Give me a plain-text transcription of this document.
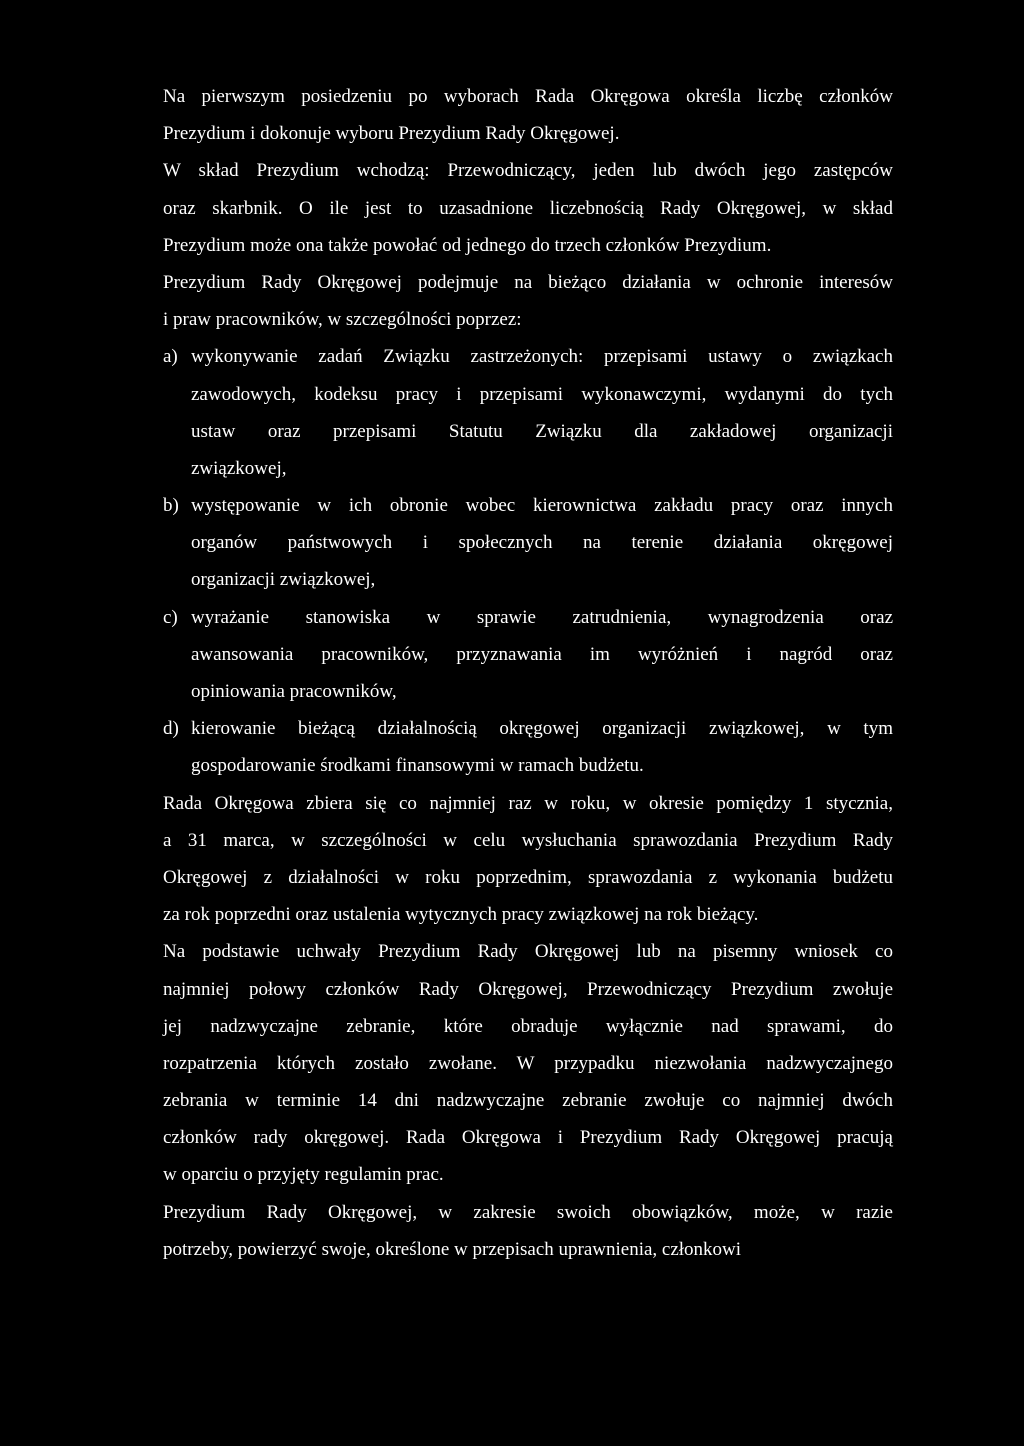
Na pierwszym posiedzeniu po wyborach Rada Okręgowa określa liczbę członków
Prezydium i dokonuje wyboru Prezydium Rady Okręgowej.
W skład Prezydium wchodzą: Przewodniczący, jeden lub dwóch jego zastępców
oraz skarbnik. O ile jest to uzasadnione liczebnością Rady Okręgowej, w skład
Prezydium może ona także powołać od jednego do trzech członków Prezydium.
Prezydium Rady Okręgowej podejmuje na bieżąco działania w ochronie interesów
i praw pracowników, w szczególności poprzez:
a) wykonywanie zadań Związku zastrzeżonych: przepisami ustawy o związkach
zawodowych, kodeksu pracy i przepisami wykonawczymi, wydanymi do tych
ustaw oraz przepisami Statutu Związku dla zakładowej organizacji
związkowej,
b) występowanie w ich obronie wobec kierownictwa zakładu pracy oraz innych
organów państwowych i społecznych na terenie działania okręgowej
organizacji związkowej,
c) wyrażanie stanowiska w sprawie zatrudnienia, wynagrodzenia oraz
awansowania pracowników, przyznawania im wyróżnień i nagród oraz
opiniowania pracowników,
d) kierowanie bieżącą działalnością okręgowej organizacji związkowej, w tym
gospodarowanie środkami finansowymi w ramach budżetu.
Rada Okręgowa zbiera się co najmniej raz w roku, w okresie pomiędzy 1 stycznia,
a 31 marca, w szczególności w celu wysłuchania sprawozdania Prezydium Rady
Okręgowej z działalności w roku poprzednim, sprawozdania z wykonania budżetu
za rok poprzedni oraz ustalenia wytycznych pracy związkowej na rok bieżący.
Na podstawie uchwały Prezydium Rady Okręgowej lub na pisemny wniosek co
najmniej połowy członków Rady Okręgowej, Przewodniczący Prezydium zwołuje
jej nadzwyczajne zebranie, które obraduje wyłącznie nad sprawami, do
rozpatrzenia których zostało zwołane. W przypadku niezwołania nadzwyczajnego
zebrania w terminie 14 dni nadzwyczajne zebranie zwołuje co najmniej dwóch
członków rady okręgowej. Rada Okręgowa i Prezydium Rady Okręgowej pracują
w oparciu o przyjęty regulamin prac.
Prezydium Rady Okręgowej, w zakresie swoich obowiązków, może, w razie
potrzeby, powierzyć swoje, określone w przepisach uprawnienia, członkowi
